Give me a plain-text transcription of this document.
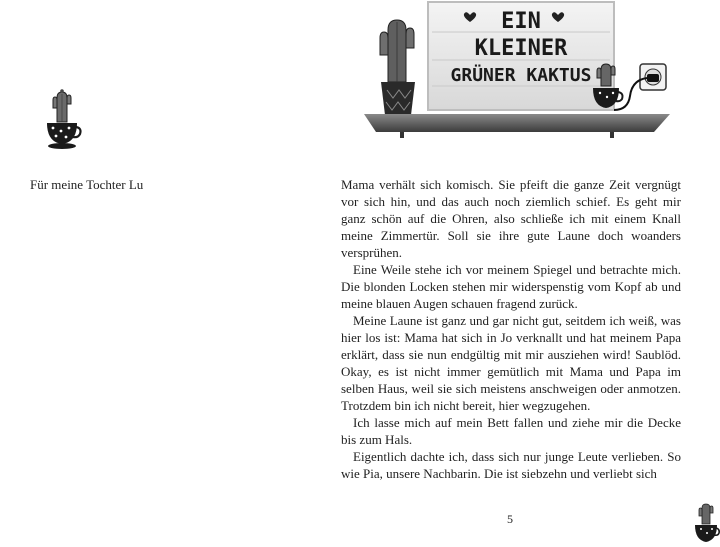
Für meine Tochter Lu
EIN
KLEINER
GRÜNER KAKTUS

Mama verhält sich komisch. Sie pfeift die ganze Zeit vergnügt vor sich hin, und das auch noch ziemlich schief. Es geht mir ganz schön auf die Ohren, also schließe ich mit einem Knall meine Zimmertür. Soll sie ihre gute Laune doch woanders versprühen.

Eine Weile stehe ich vor meinem Spiegel und betrachte mich. Die blonden Locken stehen mir widerspenstig vom Kopf ab und meine blauen Augen schauen fragend zurück.

Meine Laune ist ganz und gar nicht gut, seitdem ich weiß, was hier los ist: Mama hat sich in Jo verknallt und hat meinem Papa erklärt, dass sie nun endgültig mit mir ausziehen wird! Saublöd. Okay, es ist nicht immer gemütlich mit Mama und Papa im selben Haus, weil sie sich meistens anschweigen oder anmotzen. Trotzdem bin ich nicht bereit, hier wegzugehen.

Ich lasse mich auf mein Bett fallen und ziehe mir die Decke bis zum Hals.

Eigentlich dachte ich, dass sich nur junge Leute verlieben. So wie Pia, unsere Nachbarin. Die ist siebzehn und verliebt sich

5
